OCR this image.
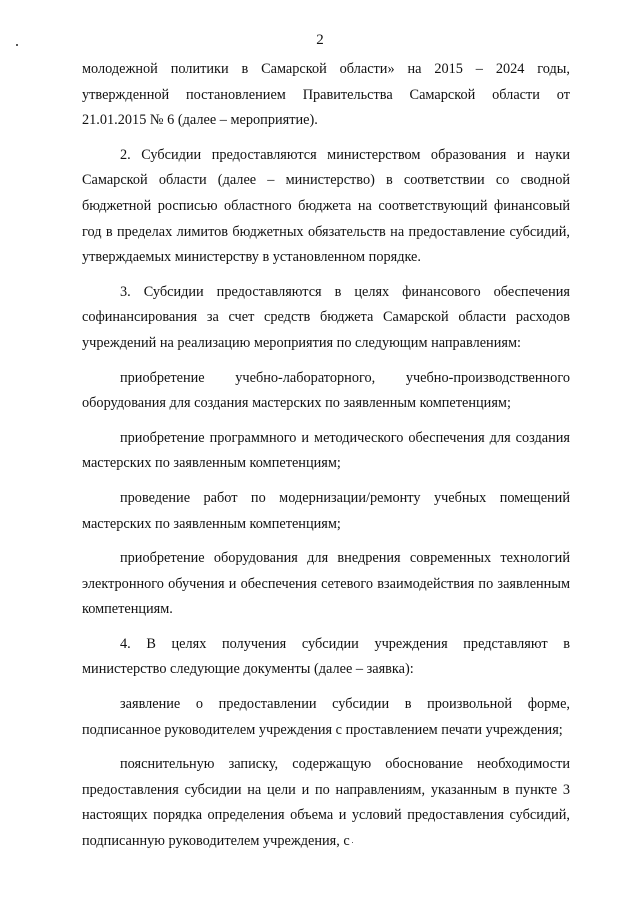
2

молодежной политики в Самарской области» на 2015 – 2024 годы, утвержденной постановлением Правительства Самарской области от 21.01.2015 № 6 (далее – мероприятие).

2. Субсидии предоставляются министерством образования и науки Самарской области (далее – министерство) в соответствии со сводной бюджетной росписью областного бюджета на соответствующий финансовый год в пределах лимитов бюджетных обязательств на предоставление субсидий, утверждаемых министерству в установленном порядке.

3. Субсидии предоставляются в целях финансового обеспечения софинансирования за счет средств бюджета Самарской области расходов учреждений на реализацию мероприятия по следующим направлениям:

приобретение учебно-лабораторного, учебно-производственного оборудования для создания мастерских по заявленным компетенциям;

приобретение программного и методического обеспечения для создания мастерских по заявленным компетенциям;

проведение работ по модернизации/ремонту учебных помещений мастерских по заявленным компетенциям;

приобретение оборудования для внедрения современных технологий электронного обучения и обеспечения сетевого взаимодействия по заявленным компетенциям.

4. В целях получения субсидии учреждения представляют в министерство следующие документы (далее – заявка):

заявление о предоставлении субсидии в произвольной форме, подписанное руководителем учреждения с проставлением печати учреждения;

пояснительную записку, содержащую обоснование необходимости предоставления субсидии на цели и по направлениям, указанным в пункте 3 настоящих порядка определения объема и условий предоставления субсидий, подписанную руководителем учреждения, с
